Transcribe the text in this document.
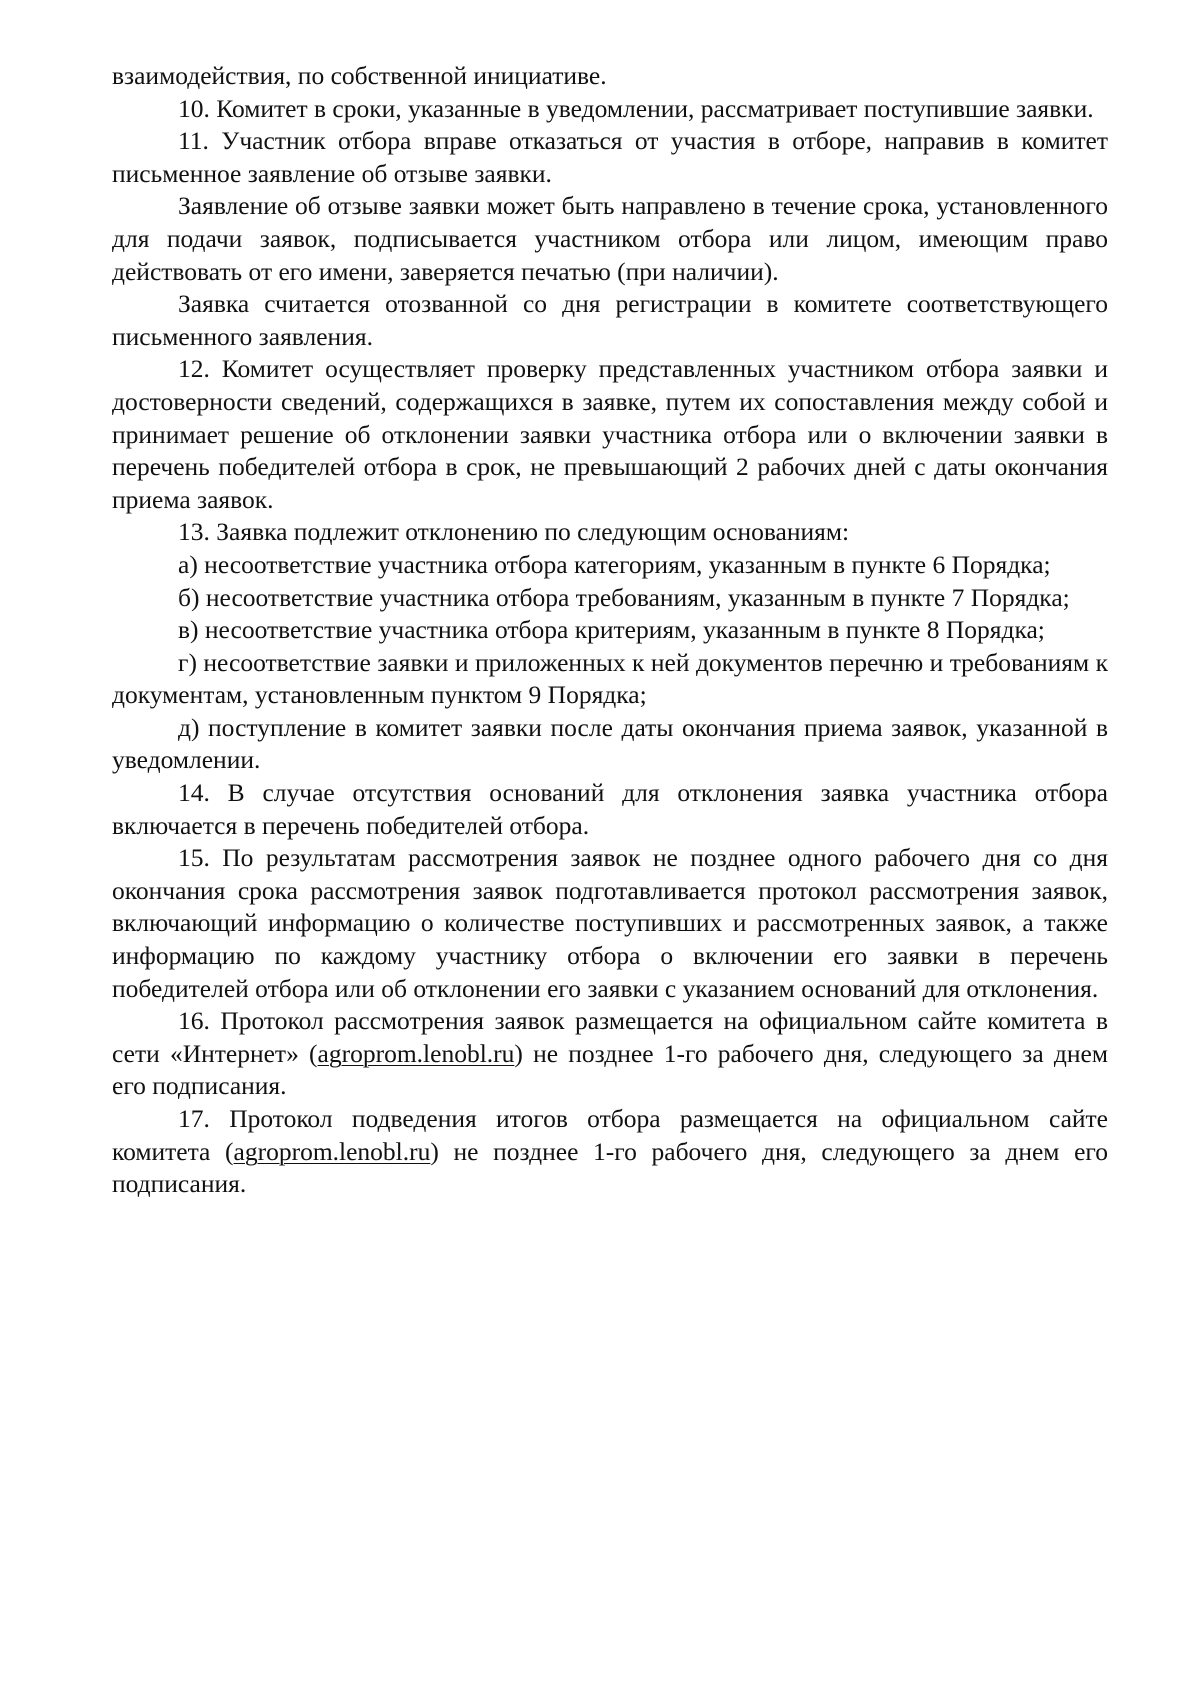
взаимодействия, по собственной инициативе.

10. Комитет в сроки, указанные в уведомлении, рассматривает поступившие заявки.

11. Участник отбора вправе отказаться от участия в отборе, направив в комитет письменное заявление об отзыве заявки.

Заявление об отзыве заявки может быть направлено в течение срока, установленного для подачи заявок, подписывается участником отбора или лицом, имеющим право действовать от его имени, заверяется печатью (при наличии).

Заявка считается отозванной со дня регистрации в комитете соответствующего письменного заявления.

12. Комитет осуществляет проверку представленных участником отбора заявки и достоверности сведений, содержащихся в заявке, путем их сопоставления между собой и принимает решение об отклонении заявки участника отбора или о включении заявки в перечень победителей отбора в срок, не превышающий 2 рабочих дней с даты окончания приема заявок.

13. Заявка подлежит отклонению по следующим основаниям:

а) несоответствие участника отбора категориям, указанным в пункте 6 Порядка;

б) несоответствие участника отбора требованиям, указанным в пункте 7 Порядка;

в) несоответствие участника отбора критериям, указанным в пункте 8 Порядка;

г) несоответствие заявки и приложенных к ней документов перечню и требованиям к документам, установленным пунктом 9 Порядка;

д) поступление в комитет заявки после даты окончания приема заявок, указанной в уведомлении.

14. В случае отсутствия оснований для отклонения заявка участника отбора включается в перечень победителей отбора.

15. По результатам рассмотрения заявок не позднее одного рабочего дня со дня окончания срока рассмотрения заявок подготавливается протокол рассмотрения заявок, включающий информацию о количестве поступивших и рассмотренных заявок, а также информацию по каждому участнику отбора о включении его заявки в перечень победителей отбора или об отклонении его заявки с указанием оснований для отклонения.

16. Протокол рассмотрения заявок размещается на официальном сайте комитета в сети «Интернет» (agroprom.lenobl.ru) не позднее 1-го рабочего дня, следующего за днем его подписания.

17. Протокол подведения итогов отбора размещается на официальном сайте комитета (agroprom.lenobl.ru) не позднее 1-го рабочего дня, следующего за днем его подписания.
